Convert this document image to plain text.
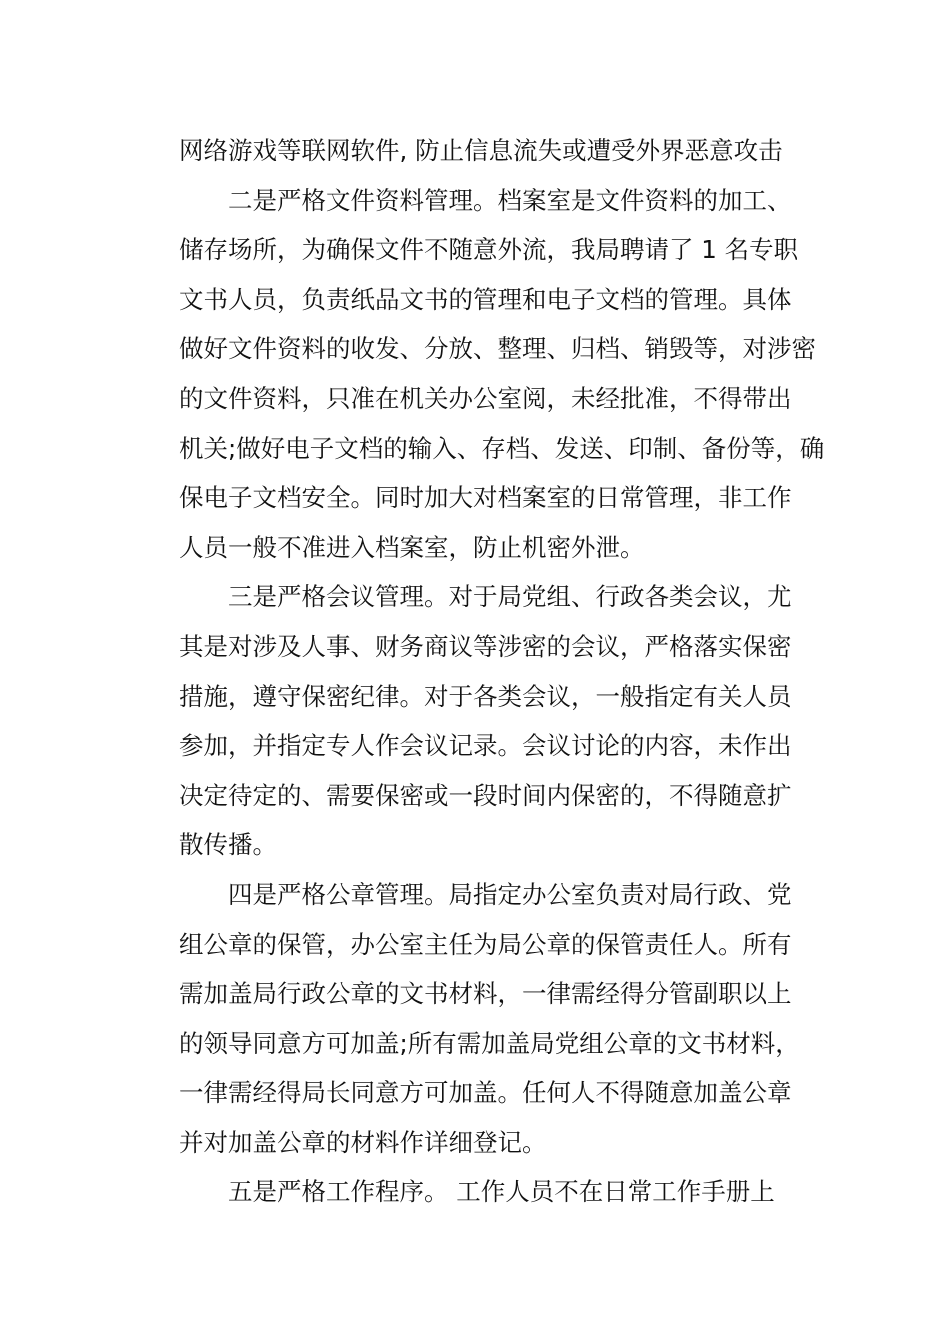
网络游戏等联网软件, 防止信息流失或遭受外界恶意攻击
二是严格文件资料管理。档案室是文件资料的加工、
储存场所，为确保文件不随意外流，我局聘请了 1 名专职
文书人员，负责纸品文书的管理和电子文档的管理。具体
做好文件资料的收发、分放、整理、归档、销毁等，对涉密
的文件资料，只准在机关办公室阅，未经批准，不得带出
机关;做好电子文档的输入、存档、发送、印制、备份等，确
保电子文档安全。同时加大对档案室的日常管理，非工作
人员一般不准进入档案室，防止机密外泄。
三是严格会议管理。对于局党组、行政各类会议，尤
其是对涉及人事、财务商议等涉密的会议，严格落实保密
措施，遵守保密纪律。对于各类会议，一般指定有关人员
参加，并指定专人作会议记录。会议讨论的内容，未作出
决定待定的、需要保密或一段时间内保密的，不得随意扩
散传播。
四是严格公章管理。局指定办公室负责对局行政、党
组公章的保管，办公室主任为局公章的保管责任人。所有
需加盖局行政公章的文书材料，一律需经得分管副职以上
的领导同意方可加盖;所有需加盖局党组公章的文书材料，
一律需经得局长同意方可加盖。任何人不得随意加盖公章
并对加盖公章的材料作详细登记。
五是严格工作程序。 工作人员不在日常工作手册上
